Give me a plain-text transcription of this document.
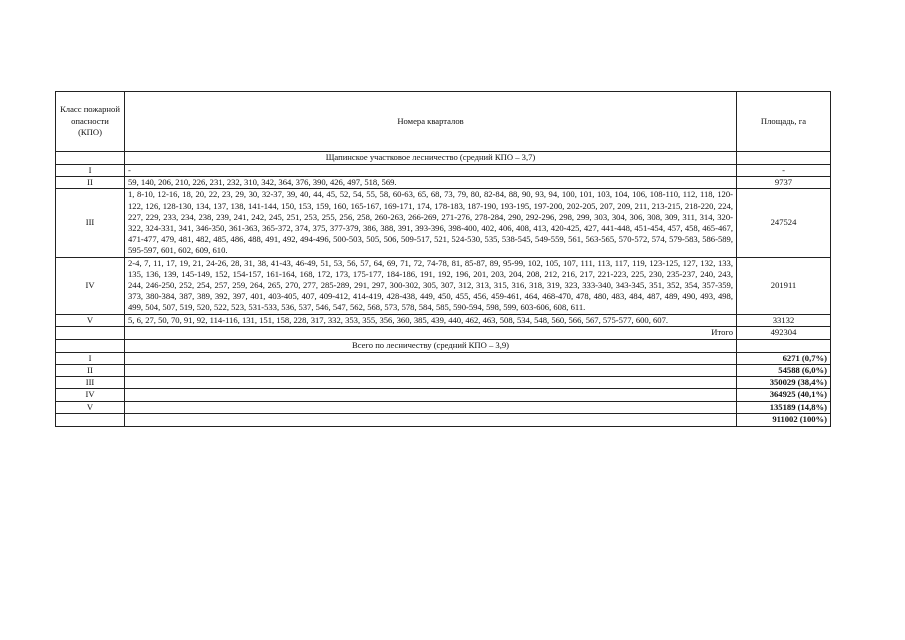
Класс пожарной опасности (КПО)	Номера кварталов	Площадь, га
	Щапинское участковое лесничество (средний КПО – 3,7)	
I	-	-
II	59, 140, 206, 210, 226, 231, 232, 310, 342, 364, 376, 390, 426, 497, 518, 569.	9737
III	1, 8-10, 12-16, 18, 20, 22, 23, 29, 30, 32-37, 39, 40, 44, 45, 52, 54, 55, 58, 60-63, 65, 68, 73, 79, 80, 82-84, 88, 90, 93, 94, 100, 101, 103, 104, 106, 108-110, 112, 118, 120-122, 126, 128-130, 134, 137, 138, 141-144, 150, 153, 159, 160, 165-167, 169-171, 174, 178-183, 187-190, 193-195, 197-200, 202-205, 207, 209, 211, 213-215, 218-220, 224, 227, 229, 233, 234, 238, 239, 241, 242, 245, 251, 253, 255, 256, 258, 260-263, 266-269, 271-276, 278-284, 290, 292-296, 298, 299, 303, 304, 306, 308, 309, 311, 314, 320-322, 324-331, 341, 346-350, 361-363, 365-372, 374, 375, 377-379, 386, 388, 391, 393-396, 398-400, 402, 406, 408, 413, 420-425, 427, 441-448, 451-454, 457, 458, 465-467, 471-477, 479, 481, 482, 485, 486, 488, 491, 492, 494-496, 500-503, 505, 506, 509-517, 521, 524-530, 535, 538-545, 549-559, 561, 563-565, 570-572, 574, 579-583, 586-589, 595-597, 601, 602, 609, 610.	247524
IV	2-4, 7, 11, 17, 19, 21, 24-26, 28, 31, 38, 41-43, 46-49, 51, 53, 56, 57, 64, 69, 71, 72, 74-78, 81, 85-87, 89, 95-99, 102, 105, 107, 111, 113, 117, 119, 123-125, 127, 132, 133, 135, 136, 139, 145-149, 152, 154-157, 161-164, 168, 172, 173, 175-177, 184-186, 191, 192, 196, 201, 203, 204, 208, 212, 216, 217, 221-223, 225, 230, 235-237, 240, 243, 244, 246-250, 252, 254, 257, 259, 264, 265, 270, 277, 285-289, 291, 297, 300-302, 305, 307, 312, 313, 315, 316, 318, 319, 323, 333-340, 343-345, 351, 352, 354, 357-359, 373, 380-384, 387, 389, 392, 397, 401, 403-405, 407, 409-412, 414-419, 428-438, 449, 450, 455, 456, 459-461, 464, 468-470, 478, 480, 483, 484, 487, 489, 490, 493, 498, 499, 504, 507, 519, 520, 522, 523, 531-533, 536, 537, 546, 547, 562, 568, 573, 578, 584, 585, 590-594, 598, 599, 603-606, 608, 611.	201911
V	5, 6, 27, 50, 70, 91, 92, 114-116, 131, 151, 158, 228, 317, 332, 353, 355, 356, 360, 385, 439, 440, 462, 463, 508, 534, 548, 560, 566, 567, 575-577, 600, 607.	33132
	Итого	492304
	Всего по лесничеству (средний КПО – 3,9)	
I		6271 (0,7%)
II		54588 (6,0%)
III		350029 (38,4%)
IV		364925 (40,1%)
V		135189 (14,8%)
		911002 (100%)
